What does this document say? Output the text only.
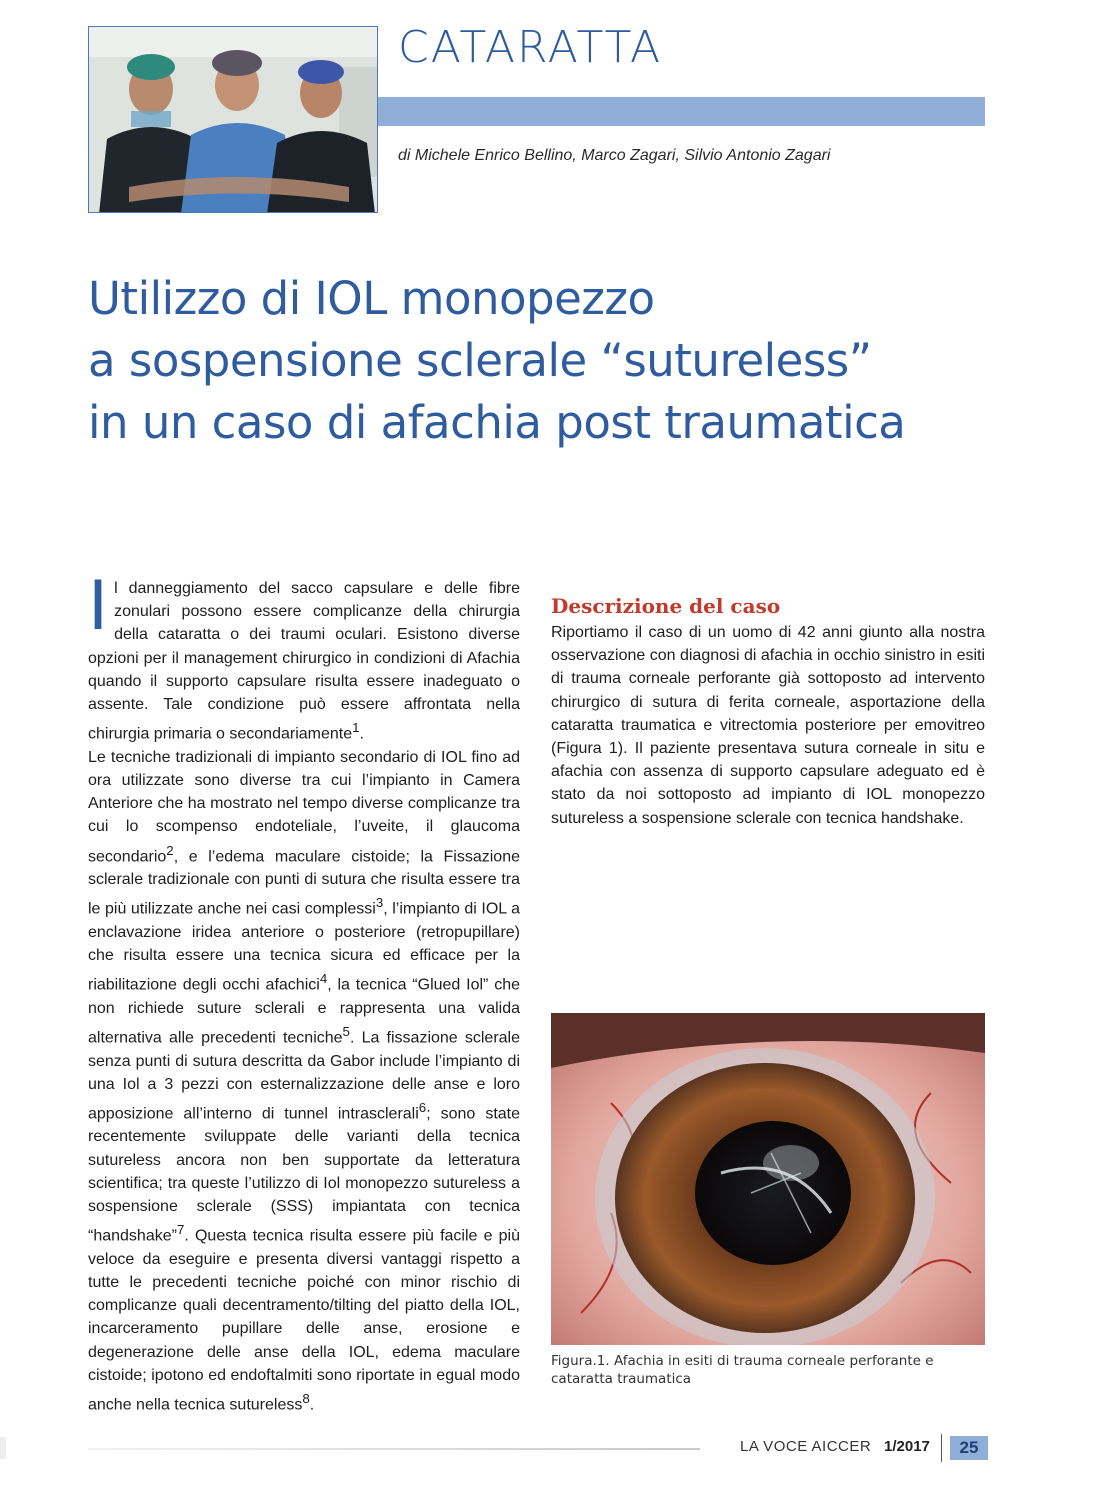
CATARATTA

di Michele Enrico Bellino, Marco Zagari, Silvio Antonio Zagari

Utilizzo di IOL monopezzo
a sospensione sclerale “sutureless”
in un caso di afachia post traumatica

Il danneggiamento del sacco capsulare e delle fibre zonulari possono essere complicanze della chirurgia della cataratta o dei traumi oculari. Esistono diverse opzioni per il management chirurgico in condizioni di Afachia quando il supporto capsulare risulta essere inadeguato o assente. Tale condizione può essere affrontata nella chirurgia primaria o secondariamente$^1$.

Le tecniche tradizionali di impianto secondario di IOL fino ad ora utilizzate sono diverse tra cui l’impianto in Camera Anteriore che ha mostrato nel tempo diverse complicanze tra cui lo scompenso endoteliale, l’uveite, il glaucoma secondario$^2$, e l’edema maculare cistoide; la Fissazione sclerale tradizionale con punti di sutura che risulta essere tra le più utilizzate anche nei casi complessi$^3$, l’impianto di IOL a enclavazione iridea anteriore o posteriore (retropupillare) che risulta essere una tecnica sicura ed efficace per la riabilitazione degli occhi afachici$^4$, la tecnica “Glued Iol” che non richiede suture sclerali e rappresenta una valida alternativa alle precedenti tecniche$^5$. La fissazione sclerale senza punti di sutura descritta da Gabor include l’impianto di una Iol a 3 pezzi con esternalizzazione delle anse e loro apposizione all’interno di tunnel intrasclerali$^6$; sono state recentemente sviluppate delle varianti della tecnica sutureless ancora non ben supportate da letteratura scientifica; tra queste l’utilizzo di Iol monopezzo sutureless a sospensione sclerale (SSS) impiantata con tecnica “handshake”$^7$. Questa tecnica risulta essere più facile e più veloce da eseguire e presenta diversi vantaggi rispetto a tutte le precedenti tecniche poiché con minor rischio di complicanze quali decentramento/tilting del piatto della IOL, incarceramento pupillare delle anse, erosione e degenerazione delle anse della IOL, edema maculare cistoide; ipotono ed endoftalmiti sono riportate in egual modo anche nella tecnica sutureless$^8$.

Descrizione del caso

Riportiamo il caso di un uomo di 42 anni giunto alla nostra osservazione con diagnosi di afachia in occhio sinistro in esiti di trauma corneale perforante già sottoposto ad intervento chirurgico di sutura di ferita corneale, asportazione della cataratta traumatica e vitrectomia posteriore per emovitreo (Figura 1). Il paziente presentava sutura corneale in situ e afachia con assenza di supporto capsulare adeguato ed è stato da noi sottoposto ad impianto di IOL monopezzo sutureless a sospensione sclerale con tecnica handshake.

Figura.1. Afachia in esiti di trauma corneale perforante e cataratta traumatica

LA VOCE AICCER 1/2017	25
